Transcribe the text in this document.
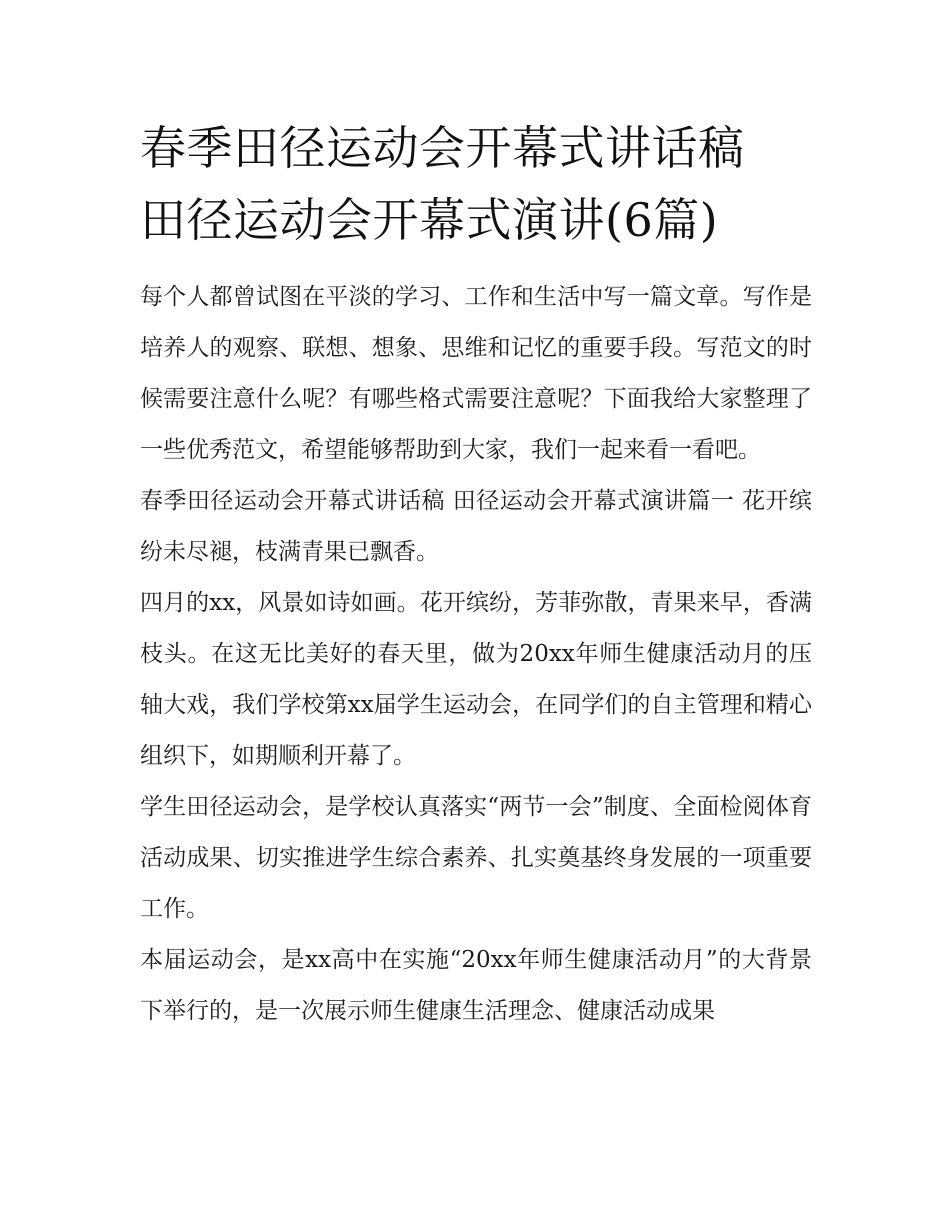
春季田径运动会开幕式讲话稿
田径运动会开幕式演讲(6篇)

每个人都曾试图在平淡的学习、工作和生活中写一篇文章。写作是培养人的观察、联想、想象、思维和记忆的重要手段。写范文的时候需要注意什么呢？有哪些格式需要注意呢？下面我给大家整理了一些优秀范文，希望能够帮助到大家，我们一起来看一看吧。

春季田径运动会开幕式讲话稿 田径运动会开幕式演讲篇一 花开缤纷未尽褪，枝满青果已飘香。

四月的xx，风景如诗如画。花开缤纷，芳菲弥散，青果来早，香满枝头。在这无比美好的春天里，做为20xx年师生健康活动月的压轴大戏，我们学校第xx届学生运动会，在同学们的自主管理和精心组织下，如期顺利开幕了。

学生田径运动会，是学校认真落实“两节一会”制度、全面检阅体育活动成果、切实推进学生综合素养、扎实奠基终身发展的一项重要工作。

本届运动会，是xx高中在实施“20xx年师生健康活动月”的大背景下举行的，是一次展示师生健康生活理念、健康活动成果
